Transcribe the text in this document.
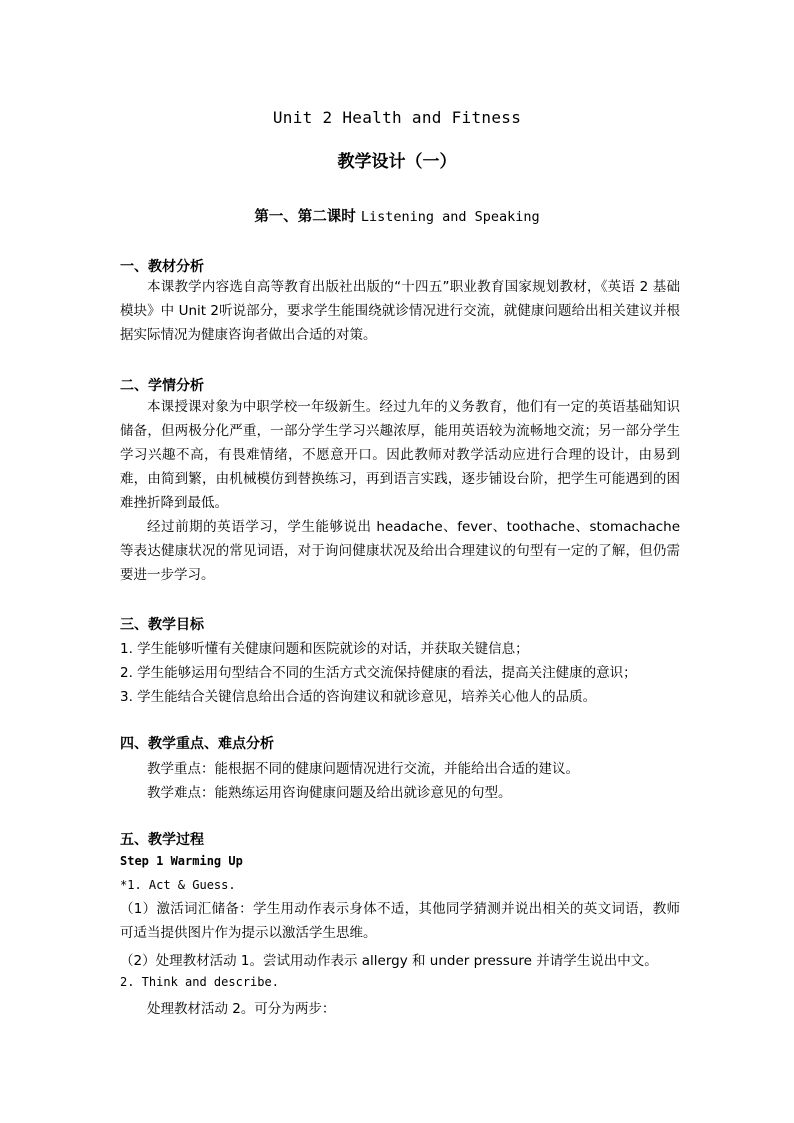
Unit 2 Health and Fitness
教学设计（一）
第一、第二课时 Listening and Speaking
一、教材分析
本课教学内容选自高等教育出版社出版的“十四五”职业教育国家规划教材，《英语 2 基础模块》中 Unit 2听说部分，要求学生能围绕就诊情况进行交流，就健康问题给出相关建议并根据实际情况为健康咨询者做出合适的对策。
二、学情分析
本课授课对象为中职学校一年级新生。经过九年的义务教育，他们有一定的英语基础知识储备，但两极分化严重，一部分学生学习兴趣浓厚，能用英语较为流畅地交流；另一部分学生学习兴趣不高，有畏难情绪，不愿意开口。因此教师对教学活动应进行合理的设计，由易到难，由简到繁，由机械模仿到替换练习，再到语言实践，逐步铺设台阶，把学生可能遇到的困难挫折降到最低。
经过前期的英语学习，学生能够说出 headache、fever、toothache、stomachache 等表达健康状况的常见词语，对于询问健康状况及给出合理建议的句型有一定的了解，但仍需要进一步学习。
三、教学目标
1. 学生能够听懂有关健康问题和医院就诊的对话，并获取关键信息；
2. 学生能够运用句型结合不同的生活方式交流保持健康的看法，提高关注健康的意识；
3. 学生能结合关键信息给出合适的咨询建议和就诊意见，培养关心他人的品质。
四、教学重点、难点分析
教学重点：能根据不同的健康问题情况进行交流，并能给出合适的建议。
教学难点：能熟练运用咨询健康问题及给出就诊意见的句型。
五、教学过程
Step 1 Warming Up
*1. Act & Guess.
（1）激活词汇储备：学生用动作表示身体不适，其他同学猜测并说出相关的英文词语，教师可适当提供图片作为提示以激活学生思维。
（2）处理教材活动 1。尝试用动作表示 allergy 和 under pressure 并请学生说出中文。
2. Think and describe.
处理教材活动 2。可分为两步：
